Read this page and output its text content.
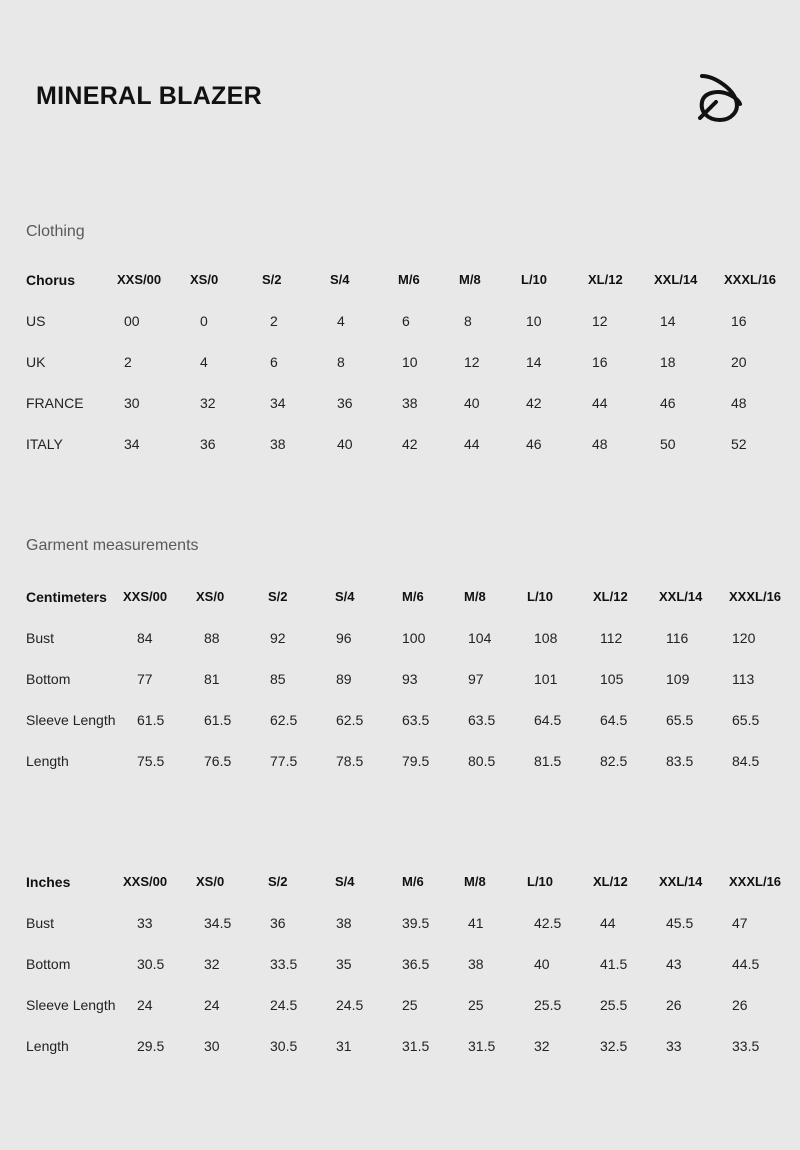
MINERAL BLAZER
Clothing
Chorus	XXS/00 XS/0	S/2	S/4	M/6	M/8	L/10	XL/12 XXL/14 XXXL/16
US	00	0	2	4	6	8	10	12	14	16
UK	2	4	6	8	10	12	14	16	18	20
FRANCE	30	32	34	36	38	40	42	44	46	48
ITALY	34	36	38	40	42	44	46	48	50	52
Garment measurements
Centimeters XXS/00 XS/0	S/2	S/4	M/6	M/8	L/10	XL/12 XXL/14 XXXL/16
Bust	84	88	92	96	100	104	108	112	116	120
Bottom	77	81	85	89	93	97	101	105	109	113
Sleeve Length 61.5	61.5	62.5	62.5	63.5	63.5	64.5	64.5	65.5	65.5
Length	75.5	76.5	77.5	78.5	79.5	80.5	81.5	82.5	83.5	84.5
Inches	XXS/00 XS/0	S/2	S/4	M/6	M/8	L/10	XL/12 XXL/14 XXXL/16
Bust	33	34.5	36	38	39.5	41	42.5	44	45.5	47
Bottom	30.5	32	33.5	35	36.5	38	40	41.5	43	44.5
Sleeve Length 24	24	24.5	24.5	25	25	25.5	25.5	26	26
Length	29.5	30	30.5	31	31.5	31.5	32	32.5	33	33.5
